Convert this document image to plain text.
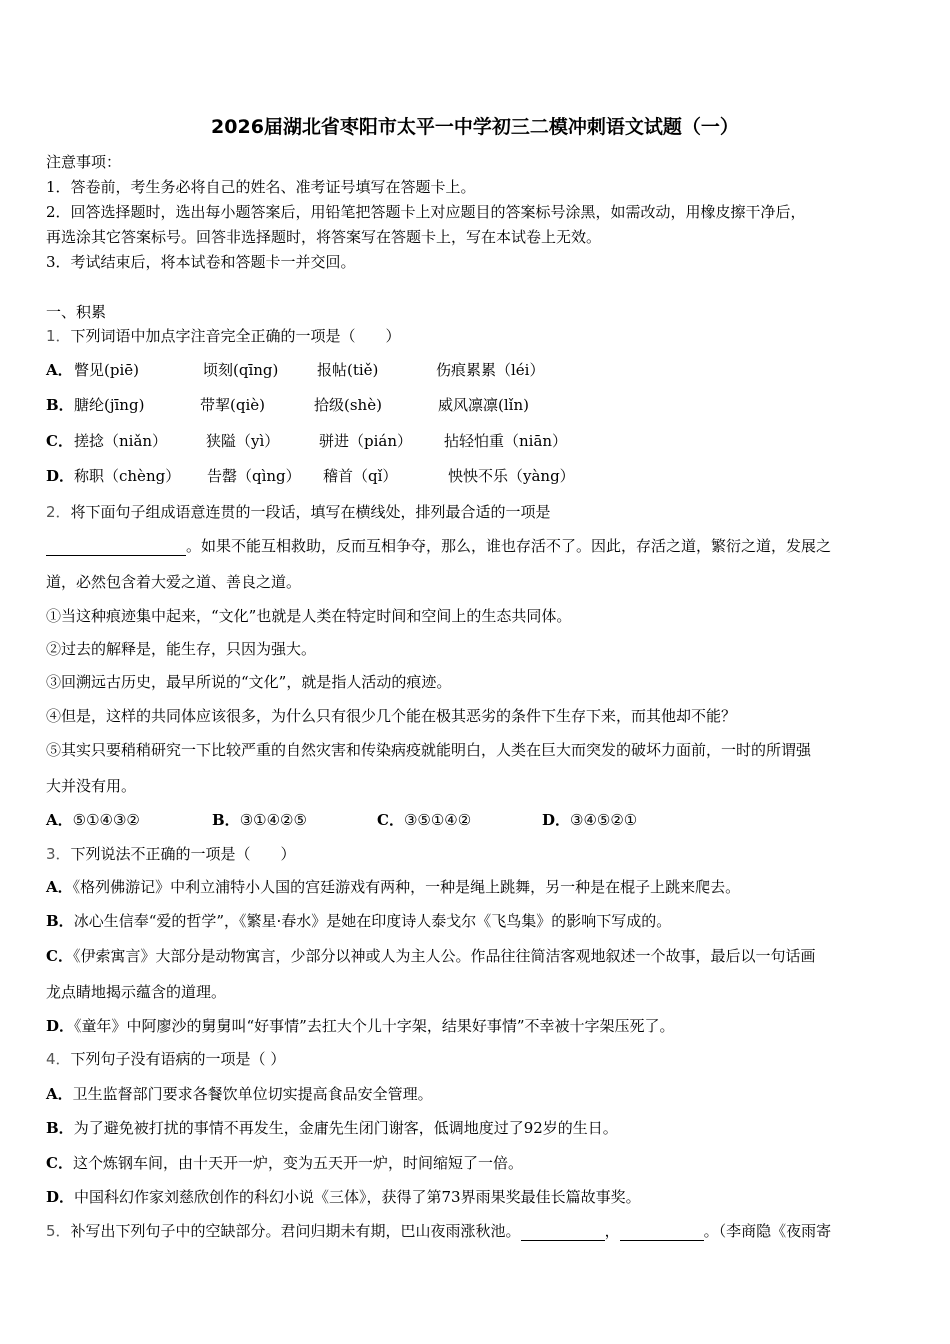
2026届湖北省枣阳市太平一中学初三二模冲刺语文试题（一）
注意事项：
1．答卷前，考生务必将自己的姓名、准考证号填写在答题卡上。
2．回答选择题时，选出每小题答案后，用铅笔把答题卡上对应题目的答案标号涂黑，如需改动，用橡皮擦干净后，
再选涂其它答案标号。回答非选择题时，将答案写在答题卡上，写在本试卷上无效。
3．考试结束后，将本试卷和答题卡一并交回。
一、积累
1．下列词语中加点字注音完全正确的一项是（　　）
A． 瞥见(piē)	顷刻(qīng)	报帖(tiě)	伤痕累累（léi）
B． 膅纶(jīng)	带挈(qiè)	拾级(shè)	威风凛凛(lǐn)
C． 搓捻（niǎn）	狭隘（yì）	骈进（pián） 拈轻怕重（niān）
D． 称职（chèng） 告罄（qìng） 稽首（qǐ）	怏怏不乐（yàng）
2．将下面句子组成语意连贯的一段话，填写在横线处，排列最合适的一项是
。如果不能互相救助，反而互相争夺，那么，谁也存活不了。因此，存活之道，繁衍之道，发展之
道，必然包含着大爱之道、善良之道。
①当这种痕迹集中起来，“文化”也就是人类在特定时间和空间上的生态共同体。
②过去的解释是，能生存，只因为强大。
③回溯远古历史，最早所说的“文化”，就是指人活动的痕迹。
④但是，这样的共同体应该很多，为什么只有很少几个能在极其恶劣的条件下生存下来，而其他却不能？
⑤其实只要稍稍研究一下比较严重的自然灾害和传染病疫就能明白，人类在巨大而突发的破坏力面前，一时的所谓强
大并没有用。
A．⑤①④③②	B．③①④②⑤	C．③⑤①④②	D．③④⑤②①
3．下列说法不正确的一项是（　　）
A．《格列佛游记》中利立浦特小人国的宫廷游戏有两种，一种是绳上跳舞，另一种是在棍子上跳来爬去。
B．冰心生信奉“爱的哲学”，《繁星·春水》是她在印度诗人泰戈尔《飞鸟集》的影响下写成的。
C．《伊索寓言》大部分是动物寓言，少部分以神或人为主人公。作品往往简洁客观地叙述一个故事，最后以一句话画
龙点睛地揭示蕴含的道理。
D．《童年》中阿廖沙的舅舅叫“好事情”去扛大个儿十字架，结果好事情”不幸被十字架压死了。
4．下列句子没有语病的一项是（ ）
A．卫生监督部门要求各餐饮单位切实提高食品安全管理。
B．为了避免被打扰的事情不再发生，金庸先生闭门谢客，低调地度过了92岁的生日。
C．这个炼钢车间，由十天开一炉，变为五天开一炉，时间缩短了一倍。
D．中国科幻作家刘慈欣创作的科幻小说《三体》，获得了第73界雨果奖最佳长篇故事奖。
5．补写出下列句子中的空缺部分。君问归期未有期，巴山夜雨涨秋池。	，	。（李商隐《夜雨寄
